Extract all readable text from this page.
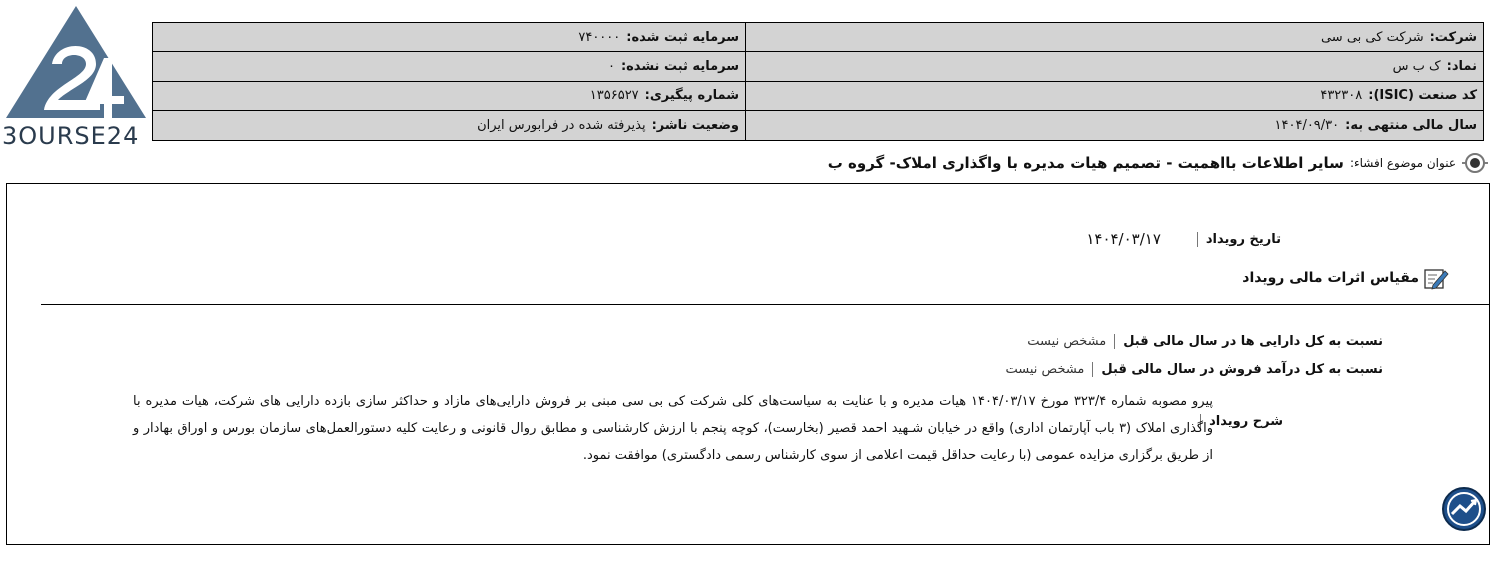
3OURSE24
شرکت:
شرکت کی بی سی
سرمایه ثبت شده:
۷۴۰۰۰۰
نماد:
ک ب س
سرمایه ثبت نشده:
۰
کد صنعت (ISIC):
۴۳۲۳۰۸
شماره پیگیری:
۱۳۵۶۵۲۷
سال مالی منتهی به:
۱۴۰۴/۰۹/۳۰
وضعیت ناشر:
پذیرفته شده در فرابورس ایران
عنوان موضوع افشاء:
سایر اطلاعات بااهمیت - تصمیم هیات مدیره با واگذاری املاک- گروه ب
تاریخ رویداد
۱۴۰۴/۰۳/۱۷
مقیاس اثرات مالی رویداد
نسبت به کل دارایی ها در سال مالی قبل
مشخص نیست
نسبت به کل درآمد فروش در سال مالی قبل
مشخص نیست
شرح رویداد
پیرو مصوبه شماره ۳۲۳/۴ مورخ ۱۴۰۴/۰۳/۱۷ هیات مدیره و با عنایت به سیاست‌های کلی شرکت کی بی سی مبنی بر فروش دارایی‌های مازاد و حداکثر سازی بازده دارایی های شرکت، هیات مدیره با واگذاری املاک (۳ باب آپارتمان اداری) واقع در خیابان شـهید احمد قصیر (بخارست)، کوچه پنجم با ارزش کارشناسی و مطابق روال قانونی و رعایت کلیه دستورالعمل‌های سازمان بورس و اوراق بهادار و از طریق برگزاری مزایده عمومی (با رعایت حداقل قیمت اعلامی از سوی کارشناس رسمی دادگستری) موافقت نمود.
